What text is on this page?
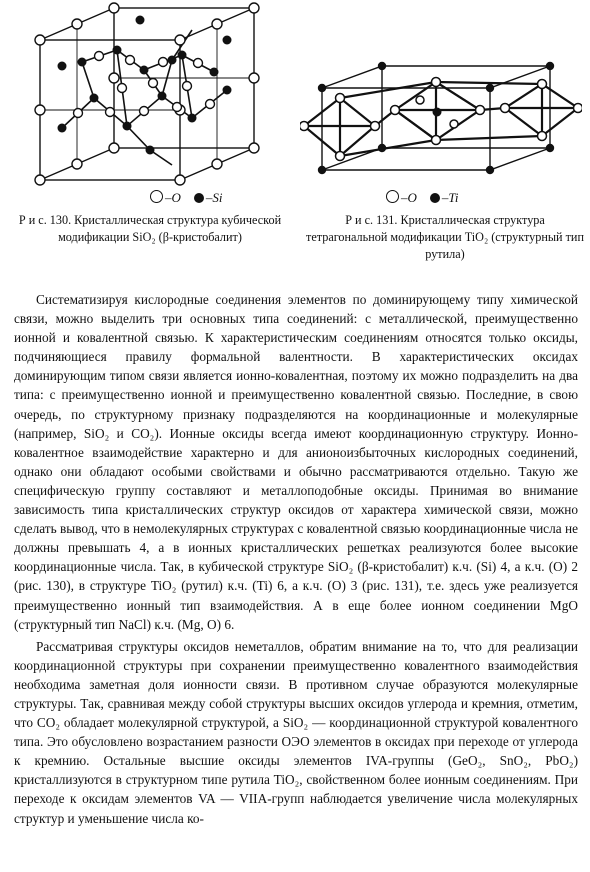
–O –Si
Р и с. 130. Кристаллическая структура кубической модификации SiO₂ (β-кристобалит)
–O –Ti
Р и с. 131. Кристаллическая структура тетрагональной модификации TiO₂ (структурный тип рутила)

Систематизируя кислородные соединения элементов по доминирующему типу химической связи, можно выделить три основных типа соединений: с металлической, преимущественно ионной и ковалентной связью. К характеристическим соединениям относятся только оксиды, подчиняющиеся правилу формальной валентности. В характеристических оксидах доминирующим типом связи является ионно-ковалентная, поэтому их можно подразделить на два типа: с преимущественно ионной и преимущественно ковалентной связью. Последние, в свою очередь, по структурному признаку подразделяются на координационные и молекулярные (например, SiO₂ и CO₂). Ионные оксиды всегда имеют координационную структуру. Ионно-ковалентное взаимодействие характерно и для анионоизбыточных кислородных соединений, однако они обладают особыми свойствами и обычно рассматриваются отдельно. Такую же специфическую группу составляют и металлоподобные оксиды. Принимая во внимание зависимость типа кристаллических структур оксидов от характера химической связи, можно сделать вывод, что в немолекулярных структурах с ковалентной связью координационные числа не должны превышать 4, а в ионных кристаллических решетках реализуются более высокие координационные числа. Так, в кубической структуре SiO₂ (β-кристобалит) к.ч. (Si) 4, а к.ч. (O) 2 (рис. 130), в структуре TiO₂ (рутил) к.ч. (Ti) 6, а к.ч. (O) 3 (рис. 131), т.е. здесь уже реализуется преимущественно ионный тип взаимодействия. А в еще более ионном соединении MgO (структурный тип NaCl) к.ч. (Mg, O) 6.

Рассматривая структуры оксидов неметаллов, обратим внимание на то, что для реализации координационной структуры при сохранении преимущественно ковалентного взаимодействия необходима заметная доля ионности связи. В противном случае образуются молекулярные структуры. Так, сравнивая между собой структуры высших оксидов углерода и кремния, отметим, что CO₂ обладает молекулярной структурой, а SiO₂ — координационной структурой ковалентного типа. Это обусловлено возрастанием разности ОЭО элементов в оксидах при переходе от углерода к кремнию. Остальные высшие оксиды элементов IVA-группы (GeO₂, SnO₂, PbO₂) кристаллизуются в структурном типе рутила TiO₂, свойственном более ионным соединениям. При переходе к оксидам элементов VA — VIIA-групп наблюдается увеличение числа молекулярных структур и уменьшение числа ко-
